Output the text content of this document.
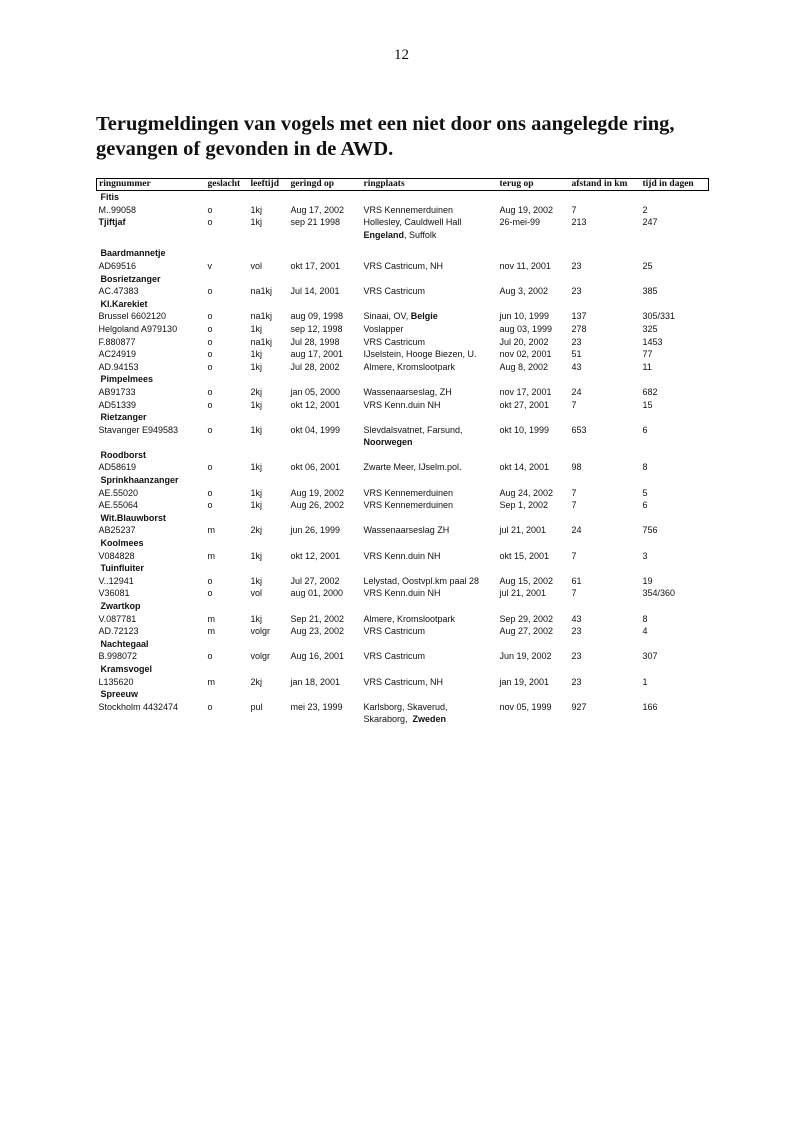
12
Terugmeldingen van vogels met een niet door ons aangelegde ring, gevangen of gevonden in de AWD.
ringnummer	geslacht	leeftijd	geringd op	ringplaats	terug op	afstand in km	tijd in dagen
Fitis							
M..99058	o	1kj	Aug 17, 2002	VRS Kennemerduinen	Aug 19, 2002	7	2
Tjiftjaf	o	1kj	sep 21 1998	Hollesley, Cauldwell Hall	26-mei-99	213	247
				Engeland, Suffolk			

Baardmannetje							
AD69516	v	vol	okt 17, 2001	VRS Castricum, NH	nov 11, 2001	23	25
Bosrietzanger							
AC.47383	o	na1kj	Jul 14, 2001	VRS Castricum	Aug 3, 2002	23	385
Kl.Karekiet							
Brussel 6602120	o	na1kj	aug 09, 1998	Sinaai, OV, Belgie	jun 10, 1999	137	305/331
Helgoland A979130	o	1kj	sep 12, 1998	Voslapper	aug 03, 1999	278	325
F.880877	o	na1kj	Jul 28, 1998	VRS Castricum	Jul 20, 2002	23	1453
AC24919	o	1kj	aug 17, 2001	IJselstein, Hooge Biezen, U.	nov 02, 2001	51	77
AD.94153	o	1kj	Jul 28, 2002	Almere, Kromslootpark	Aug 8, 2002	43	11
Pimpelmees							
AB91733	o	2kj	jan 05, 2000	Wassenaarseslag, ZH	nov 17, 2001	24	682
AD51339	o	1kj	okt 12, 2001	VRS Kenn.duin NH	okt 27, 2001	7	15
Rietzanger							
Stavanger E949583	o	1kj	okt 04, 1999	Slevdalsvatnet, Farsund,	okt 10, 1999	653	6
				Noorwegen			
Roodborst							
AD58619	o	1kj	okt 06, 2001	Zwarte Meer, IJselm.pol.	okt 14, 2001	98	8
Sprinkhaanzanger							
AE.55020	o	1kj	Aug 19, 2002	VRS Kennemerduinen	Aug 24, 2002	7	5
AE.55064	o	1kj	Aug 26, 2002	VRS Kennemerduinen	Sep 1, 2002	7	6
Wit.Blauwborst							
AB25237	m	2kj	jun 26, 1999	Wassenaarseslag ZH	jul 21, 2001	24	756
Koolmees							
V084828	m	1kj	okt 12, 2001	VRS Kenn.duin NH	okt 15, 2001	7	3
Tuinfluiter							
V..12941	o	1kj	Jul 27, 2002	Lelystad, Oostvpl.km paal 28	Aug 15, 2002	61	19
V36081	o	vol	aug 01, 2000	VRS Kenn.duin NH	jul 21, 2001	7	354/360
Zwartkop							
V.087781	m	1kj	Sep 21, 2002	Almere, Kromslootpark	Sep 29, 2002	43	8
AD.72123	m	volgr	Aug 23, 2002	VRS Castricum	Aug 27, 2002	23	4
Nachtegaal							
B.998072	o	volgr	Aug 16, 2001	VRS Castricum	Jun 19, 2002	23	307
Kramsvogel							
L135620	m	2kj	jan 18, 2001	VRS Castricum, NH	jan 19, 2001	23	1
Spreeuw							
Stockholm 4432474	o	pul	mei 23, 1999	Karlsborg, Skaverud,	nov 05, 1999	927	166
				Skaraborg,  Zweden			
